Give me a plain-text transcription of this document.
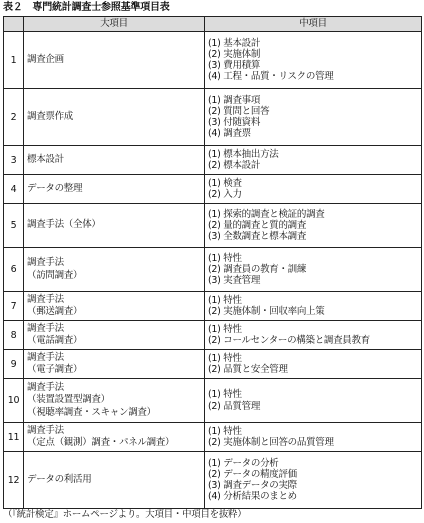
表２　専門統計調査士参照基準項目表
	大項目	中項目
1	調査企画	(1) 基本設計
(2) 実施体制
(3) 費用積算
(4) 工程・品質・リスクの管理

2	調査票作成	(1) 調査事項
(2) 質問と回答
(3) 付随資料
(4) 調査票

3	標本設計	(1) 標本抽出方法
(2) 標本設計

4	データの整理	(1) 検査
(2) 入力

5	調査手法（全体）	(1) 探索的調査と検証的調査
(2) 量的調査と質的調査
(3) 全数調査と標本調査

6	調査手法
（訪問調査）	(1) 特性
(2) 調査員の教育・訓練
(3) 実査管理

7	調査手法
（郵送調査）	(1) 特性
(2) 実施体制・回収率向上策

8	調査手法
（電話調査）	(1) 特性
(2) コールセンターの構築と調査員教育

9	調査手法
（電子調査）	(1) 特性
(2) 品質と安全管理

10	調査手法
（装置設置型調査）
（視聴率調査・スキャン調査）	(1) 特性
(2) 品質管理

11	調査手法
（定点（観測）調査・パネル調査）	(1) 特性
(2) 実施体制と回答の品質管理

12	データの利活用	(1) データの分析
(2) データの精度評価
(3) 調査データの実際
(4) 分析結果のまとめ
（『統計検定』ホームページより。大項目・中項目を抜粋）
